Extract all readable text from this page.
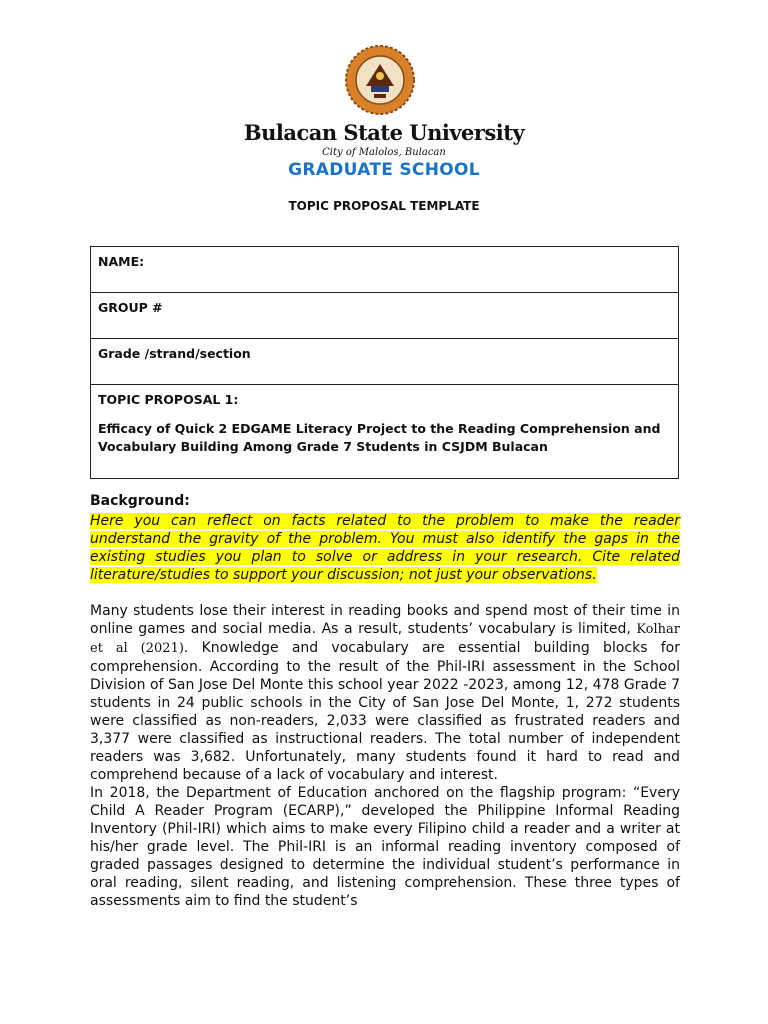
Bulacan State University
City of Malolos, Bulacan
GRADUATE SCHOOL
TOPIC PROPOSAL TEMPLATE
NAME:
GROUP #
Grade /strand/section

TOPIC PROPOSAL 1:
Efficacy of Quick 2 EDGAME Literacy Project to the Reading Comprehension and Vocabulary Building Among Grade 7 Students in CSJDM Bulacan
Background:
Here you can reflect on facts related to the problem to make the reader understand the gravity of the problem. You must also identify the gaps in the existing studies you plan to solve or address in your research. Cite related literature/studies to support your discussion; not just your observations.

Many students lose their interest in reading books and spend most of their time in online games and social media. As a result, students’ vocabulary is limited, Kolhar et al (2021). Knowledge and vocabulary are essential building blocks for comprehension. According to the result of the Phil-IRI assessment in the School Division of San Jose Del Monte this school year 2022 -2023, among 12, 478 Grade 7 students in 24 public schools in the City of San Jose Del Monte, 1, 272 students were classified as non-readers, 2,033 were classified as frustrated readers and 3,377 were classified as instructional readers. The total number of independent readers was 3,682. Unfortunately, many students found it hard to read and comprehend because of a lack of vocabulary and interest.

In 2018, the Department of Education anchored on the flagship program: “Every Child A Reader Program (ECARP),” developed the Philippine Informal Reading Inventory (Phil-IRI) which aims to make every Filipino child a reader and a writer at his/her grade level. The Phil-IRI is an informal reading inventory composed of graded passages designed to determine the individual student’s performance in oral reading, silent reading, and listening comprehension. These three types of assessments aim to find the student’s
